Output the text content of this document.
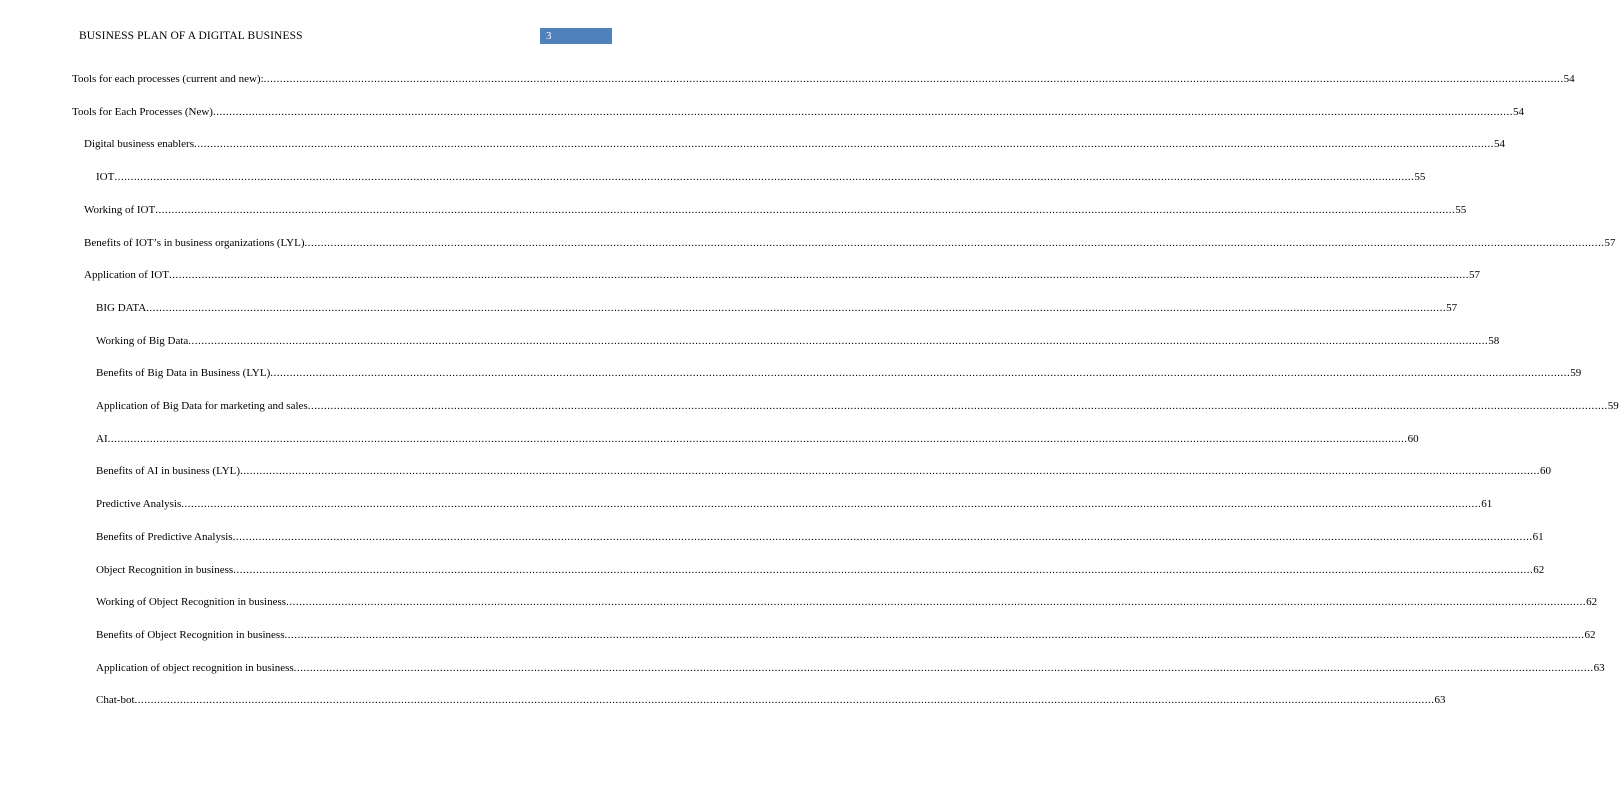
BUSINESS PLAN OF A DIGITAL BUSINESS	3
Tools for each processes (current and new): ................................................................................................................................................................................................................................................................................................................................................................................................................ 54
Tools for Each Processes (New) ................................................................................................................................................................................................................................................................................................................................................................................................................ 54
Digital business enablers ................................................................................................................................................................................................................................................................................................................................................................................................................ 54
IOT ................................................................................................................................................................................................................................................................................................................................................................................................................ 55
Working of IOT ................................................................................................................................................................................................................................................................................................................................................................................................................ 55
Benefits of IOT’s in business organizations (LYL) ................................................................................................................................................................................................................................................................................................................................................................................................................ 57
Application of IOT ................................................................................................................................................................................................................................................................................................................................................................................................................ 57
BIG DATA ................................................................................................................................................................................................................................................................................................................................................................................................................ 57
Working of Big Data ................................................................................................................................................................................................................................................................................................................................................................................................................ 58
Benefits of Big Data in Business (LYL) ................................................................................................................................................................................................................................................................................................................................................................................................................ 59
Application of Big Data for marketing and sales ................................................................................................................................................................................................................................................................................................................................................................................................................ 59
AI ................................................................................................................................................................................................................................................................................................................................................................................................................ 60
Benefits of AI in business (LYL) ................................................................................................................................................................................................................................................................................................................................................................................................................ 60
Predictive Analysis ................................................................................................................................................................................................................................................................................................................................................................................................................ 61
Benefits of Predictive Analysis ................................................................................................................................................................................................................................................................................................................................................................................................................ 61
Object Recognition in business ................................................................................................................................................................................................................................................................................................................................................................................................................ 62
Working of Object Recognition in business ................................................................................................................................................................................................................................................................................................................................................................................................................ 62
Benefits of Object Recognition in business ................................................................................................................................................................................................................................................................................................................................................................................................................ 62
Application of object recognition in business ................................................................................................................................................................................................................................................................................................................................................................................................................ 63
Chat-bot ................................................................................................................................................................................................................................................................................................................................................................................................................ 63
